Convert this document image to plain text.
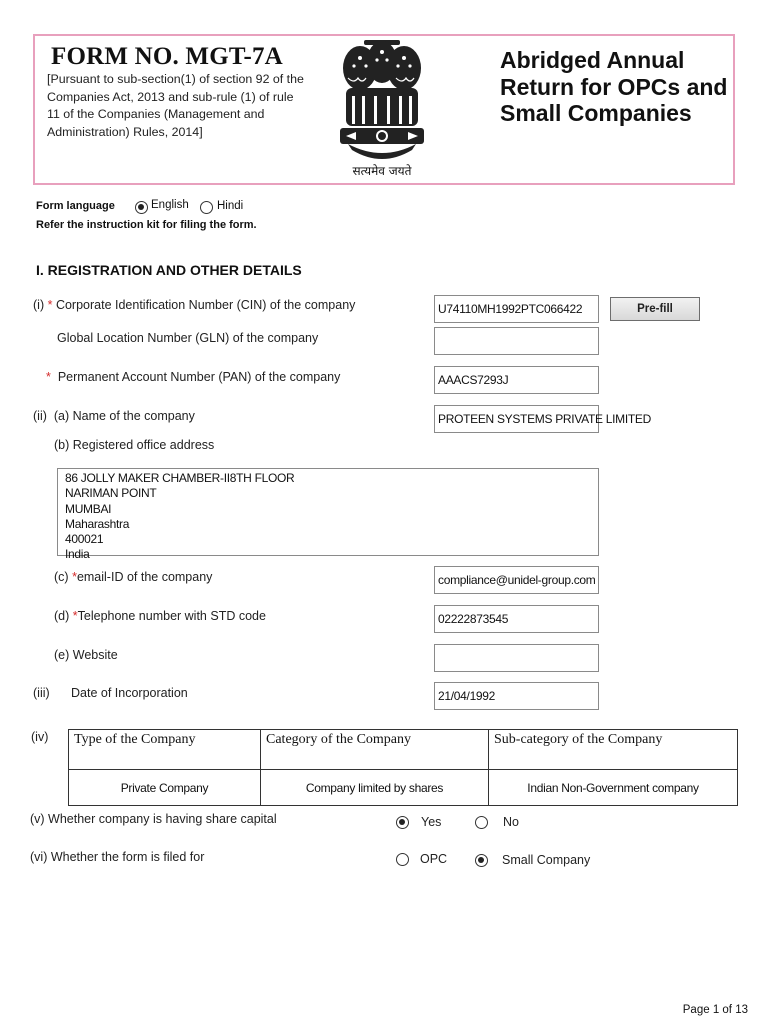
FORM NO. MGT-7A
[Pursuant to sub-section(1) of section 92 of the Companies Act, 2013 and sub-rule (1) of rule 11 of the Companies (Management and Administration) Rules, 2014]
Abridged Annual Return for OPCs and Small Companies
सत्यमेव जयते
Form language	English Hindi
Refer the instruction kit for filing the form.
I. REGISTRATION AND OTHER DETAILS
(i) * Corporate Identification Number (CIN) of the company	U74110MH1992PTC066422	Pre-fill
Global Location Number (GLN) of the company
* Permanent Account Number (PAN) of the company	AAACS7293J
(ii) (a) Name of the company	PROTEEN SYSTEMS PRIVATE LIMITED
(b) Registered office address
86 JOLLY MAKER CHAMBER-II8TH FLOOR
NARIMAN POINT
MUMBAI
Maharashtra
400021
India
(c) *email-ID of the company	compliance@unidel-group.com
(d) *Telephone number with STD code	02222873545
(e) Website
(iii) Date of Incorporation	21/04/1992
(iv) Type of the Company	Category of the Company	Sub-category of the Company
Private Company	Company limited by shares	Indian Non-Government company
(v) Whether company is having share capital	Yes	No
(vi) Whether the form is filed for	OPC	Small Company
Page 1 of 13
